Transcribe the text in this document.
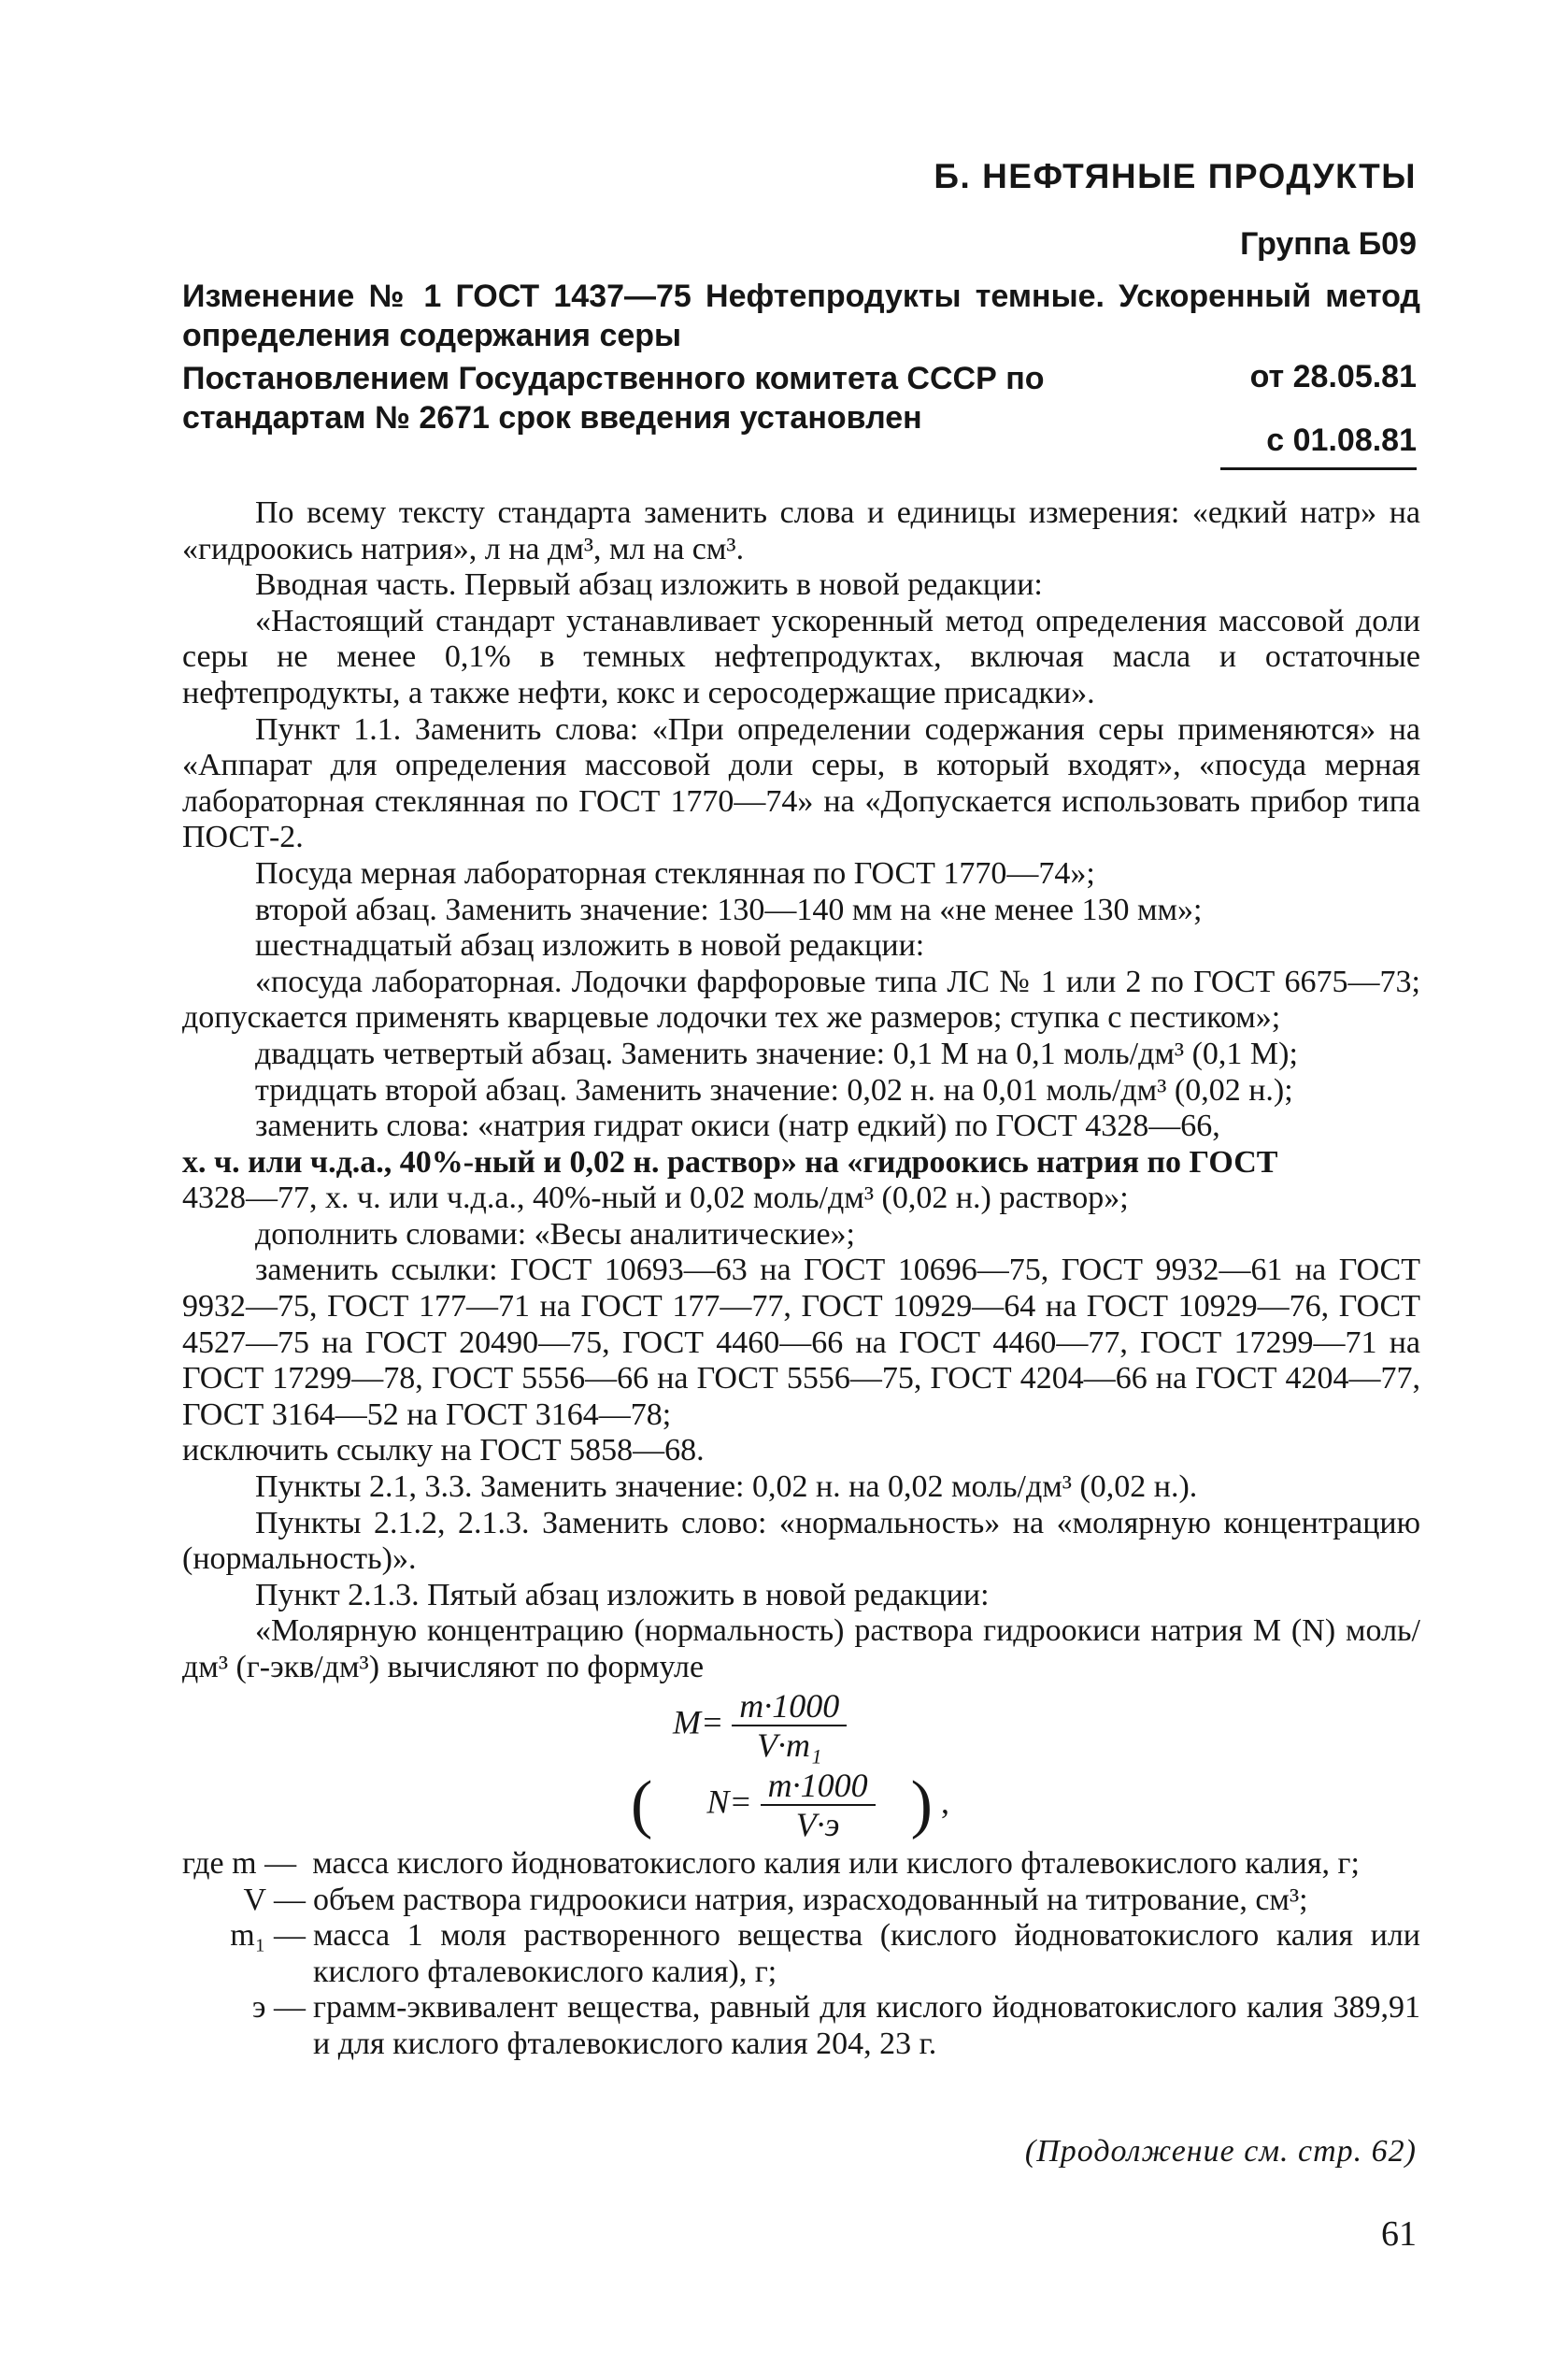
Б. НЕФТЯНЫЕ ПРОДУКТЫ
Группа Б09
Изменение № 1 ГОСТ 1437—75 Нефтепродукты темные. Ускоренный метод определения содержания серы
Постановлением Государственного комитета СССР по стандартам № 2671 срок введения установлен
от 28.05.81
с 01.08.81

По всему тексту стандарта заменить слова и единицы измерения: «едкий натр» на «гидроокись натрия», л на дм³, мл на см³.

Вводная часть. Первый абзац изложить в новой редакции:

«Настоящий стандарт устанавливает ускоренный метод определения массовой доли серы не менее 0,1% в темных нефтепродуктах, включая масла и остаточные нефтепродукты, а также нефти, кокс и серосодержащие присадки».

Пункт 1.1. Заменить слова: «При определении содержания серы применяются» на «Аппарат для определения массовой доли серы, в который входят», «посуда мерная лабораторная стеклянная по ГОСТ 1770—74» на «Допускается использовать прибор типа ПОСТ-2.

Посуда мерная лабораторная стеклянная по ГОСТ 1770—74»;

второй абзац. Заменить значение: 130—140 мм на «не менее 130 мм»;

шестнадцатый абзац изложить в новой редакции:

«посуда лабораторная. Лодочки фарфоровые типа ЛС № 1 или 2 по ГОСТ 6675—73; допускается применять кварцевые лодочки тех же размеров; ступка с пестиком»;

двадцать четвертый абзац. Заменить значение: 0,1 М на 0,1 моль/дм³ (0,1 М);

тридцать второй абзац. Заменить значение: 0,02 н. на 0,01 моль/дм³ (0,02 н.);

заменить слова: «натрия гидрат окиси (натр едкий) по ГОСТ 4328—66,

х. ч. или ч.д.а., 40%-ный и 0,02 н. раствор» на «гидроокись натрия по ГОСТ

4328—77, х. ч. или ч.д.а., 40%-ный и 0,02 моль/дм³ (0,02 н.) раствор»;

дополнить словами: «Весы аналитические»;

заменить ссылки: ГОСТ 10693—63 на ГОСТ 10696—75, ГОСТ 9932—61 на ГОСТ 9932—75, ГОСТ 177—71 на ГОСТ 177—77, ГОСТ 10929—64 на ГОСТ 10929—76, ГОСТ 4527—75 на ГОСТ 20490—75, ГОСТ 4460—66 на ГОСТ 4460—77, ГОСТ 17299—71 на ГОСТ 17299—78, ГОСТ 5556—66 на ГОСТ 5556—75, ГОСТ 4204—66 на ГОСТ 4204—77, ГОСТ 3164—52 на ГОСТ 3164—78;

исключить ссылку на ГОСТ 5858—68.

Пункты 2.1, 3.3. Заменить значение: 0,02 н. на 0,02 моль/дм³ (0,02 н.).

Пункты 2.1.2, 2.1.3. Заменить слово: «нормальность» на «молярную концентрацию (нормальность)».

Пункт 2.1.3. Пятый абзац изложить в новой редакции:

«Молярную концентрацию (нормальность) раствора гидроокиси натрия М (N) моль/дм³ (г-экв/дм³) вычисляют по формуле

$M= \frac{m\cdot 1000}{\text{V·m₁}}$
( $N= \frac{m\cdot 1000}{V\cdot э}$ ) ,
где m — масса кислого йодноватокислого калия или кислого фталевокислого калия, г;
V — объем раствора гидроокиси натрия, израсходованный на титрование, см³;
m₁ — масса 1 моля растворенного вещества (кислого йодноватокислого калия или кислого фталевокислого калия), г;
э — грамм-эквивалент вещества, равный для кислого йодноватокислого калия 389,91 и для кислого фталевокислого калия 204, 23 г.
(Продолжение см. стр. 62)
61
